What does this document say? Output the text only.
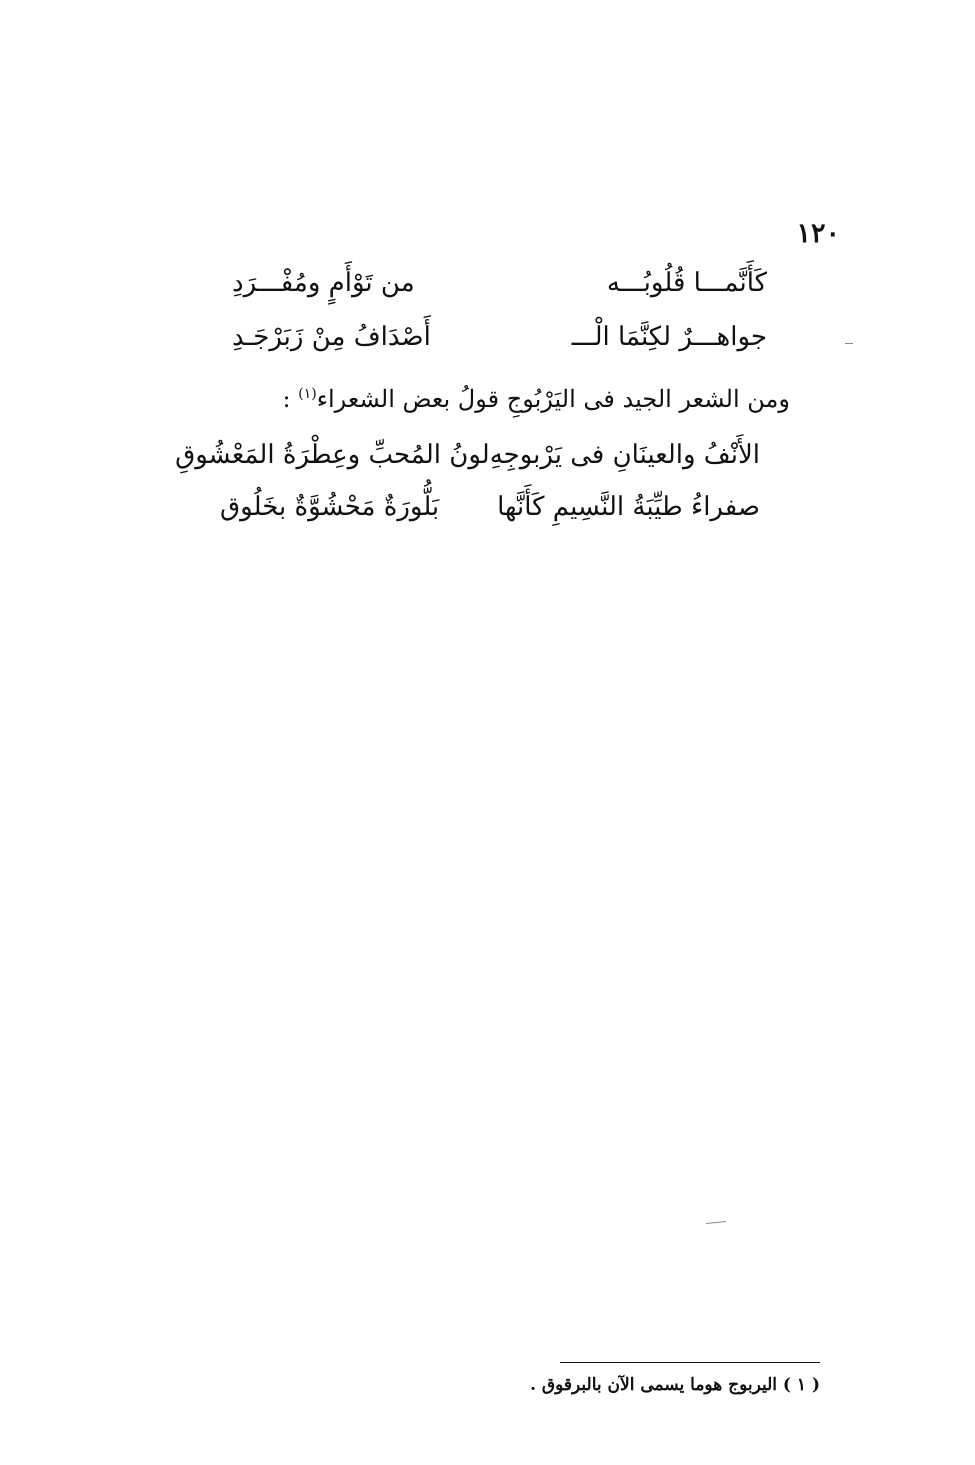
١٢٠
كَأَنَّمـــا قُلُوبُـــه
من تَوْأَمٍ ومُفْـــرَدِ
جواهـــرٌ لكِنَّمَا الْـــ
أَصْدَافُ مِنْ زَبَرْجَـدِ
ومن الشعر الجيد فى اليَرْبُوجِ قولُ بعض الشعراء$^{(١)}$ :
الأَنْفُ والعينَانِ فى يَرْبوجِهِ
لونُ المُحبِّ وعِطْرَةُ المَعْشُوقِ
صفراءُ طيِّبَةُ النَّسِيمِ كَأَنَّها
بَلُّورَةٌ مَحْشُوَّةٌ بخَلُوق
( ١ ) اليربوج هوما يسمى الآن بالبرقوق .
